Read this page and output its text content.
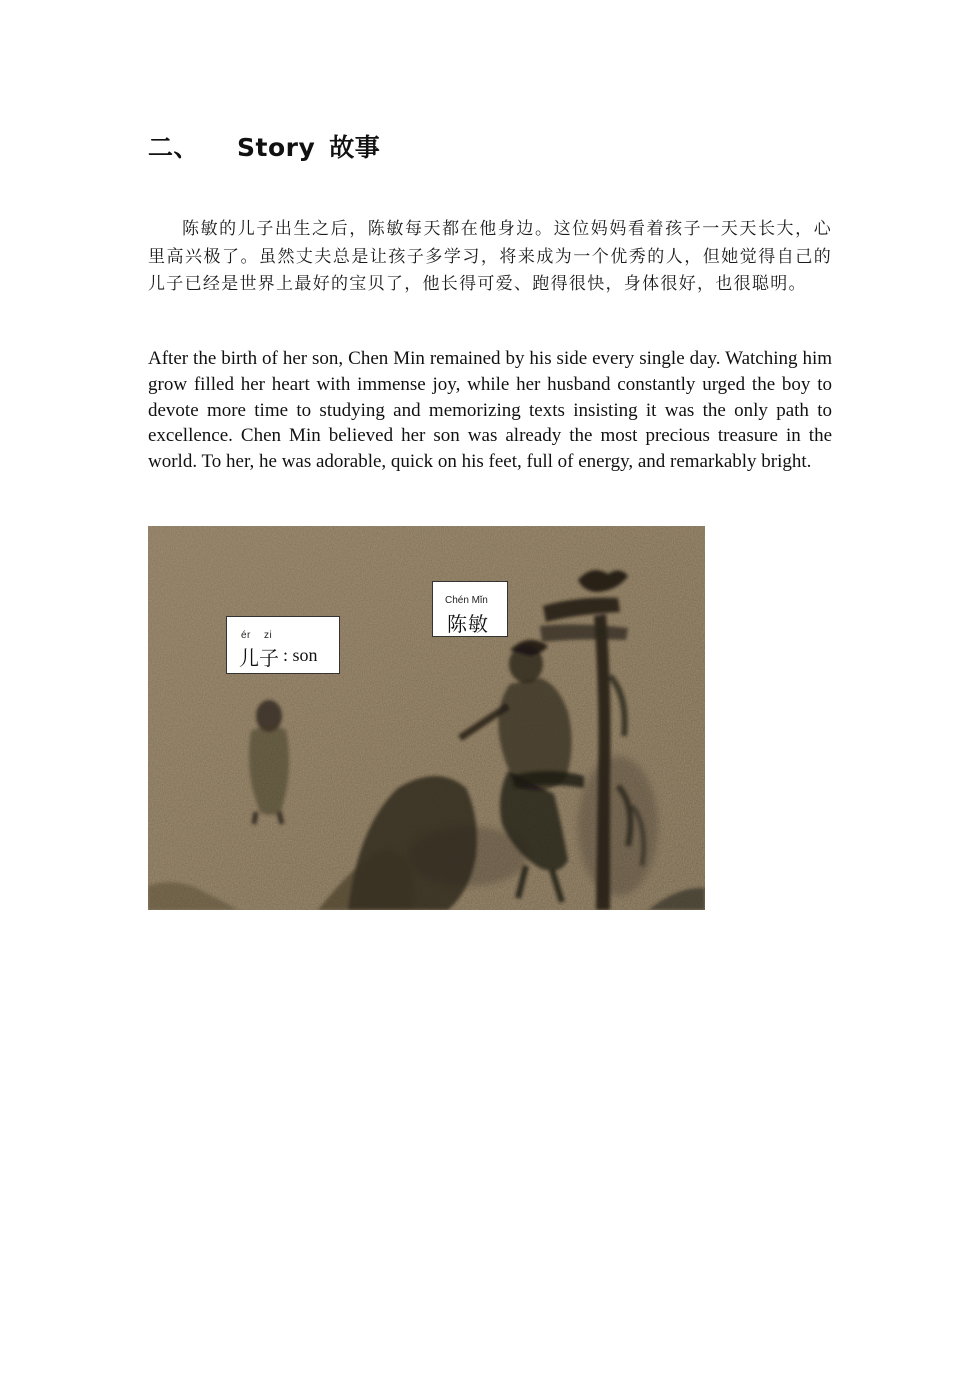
二、 Story 故事

陈敏的儿子出生之后，陈敏每天都在他身边。这位妈妈看着孩子一天天长大，心里高兴极了。虽然丈夫总是让孩子多学习，将来成为一个优秀的人，但她觉得自己的儿子已经是世界上最好的宝贝了，他长得可爱、跑得很快，身体很好，也很聪明。

After the birth of her son, Chen Min remained by his side every single day. Watching him grow filled her heart with immense joy, while her husband constantly urged the boy to devote more time to studying and memorizing texts insisting it was the only path to excellence. Chen Min believed her son was already the most precious treasure in the world. To her, he was adorable, quick on his feet, full of energy, and remarkably bright.

ér    zi
儿子 : son
Chén Mǐn
陈敏
